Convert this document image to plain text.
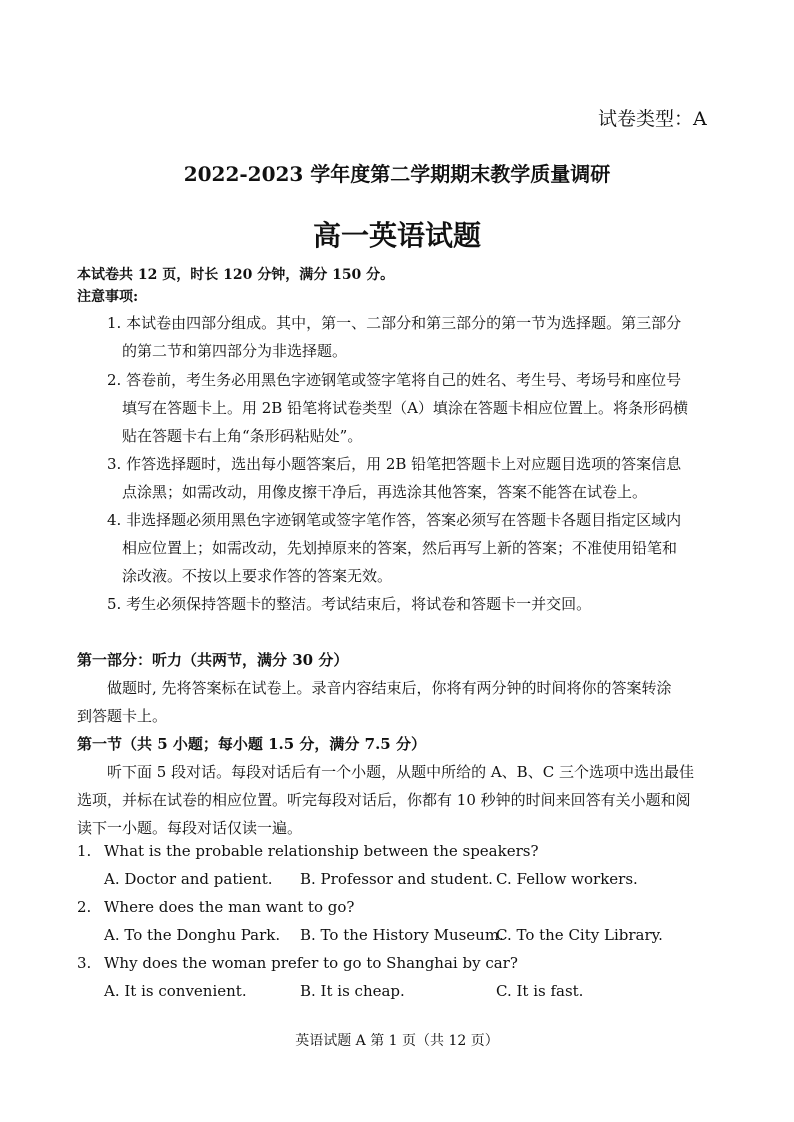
试卷类型：A
2022-2023 学年度第二学期期末教学质量调研
高一英语试题
本试卷共 12 页，时长 120 分钟，满分 150 分。
注意事项:
1. 本试卷由四部分组成。其中，第一、二部分和第三部分的第一节为选择题。第三部分
的第二节和第四部分为非选择题。
2. 答卷前，考生务必用黑色字迹钢笔或签字笔将自己的姓名、考生号、考场号和座位号
填写在答题卡上。用 2B 铅笔将试卷类型（A）填涂在答题卡相应位置上。将条形码横
贴在答题卡右上角“条形码粘贴处”。
3. 作答选择题时，选出每小题答案后，用 2B 铅笔把答题卡上对应题目选项的答案信息
点涂黑；如需改动，用像皮擦干净后，再选涂其他答案，答案不能答在试卷上。
4. 非选择题必须用黑色字迹钢笔或签字笔作答，答案必须写在答题卡各题目指定区域内
相应位置上；如需改动，先划掉原来的答案，然后再写上新的答案；不准使用铅笔和
涂改液。不按以上要求作答的答案无效。
5. 考生必须保持答题卡的整洁。考试结束后，将试卷和答题卡一并交回。
第一部分：听力（共两节，满分 30 分）
做题时, 先将答案标在试卷上。录音内容结束后，你将有两分钟的时间将你的答案转涂
到答题卡上。
第一节（共 5 小题；每小题 1.5 分，满分 7.5 分）
听下面 5 段对话。每段对话后有一个小题，从题中所给的 A、B、C 三个选项中选出最佳
选项，并标在试卷的相应位置。听完每段对话后，你都有 10 秒钟的时间来回答有关小题和阅
读下一小题。每段对话仅读一遍。
1. What is the probable relationship between the speakers?
A. Doctor and patient. B. Professor and student. C. Fellow workers.
2. Where does the man want to go?
A. To the Donghu Park. B. To the History Museum.
C. To the City Library.
3. Why does the woman prefer to go to Shanghai by car?
A. It is convenient.	B. It is cheap.	C. It is fast.
英语试题 A 第 1 页（共 12 页）
